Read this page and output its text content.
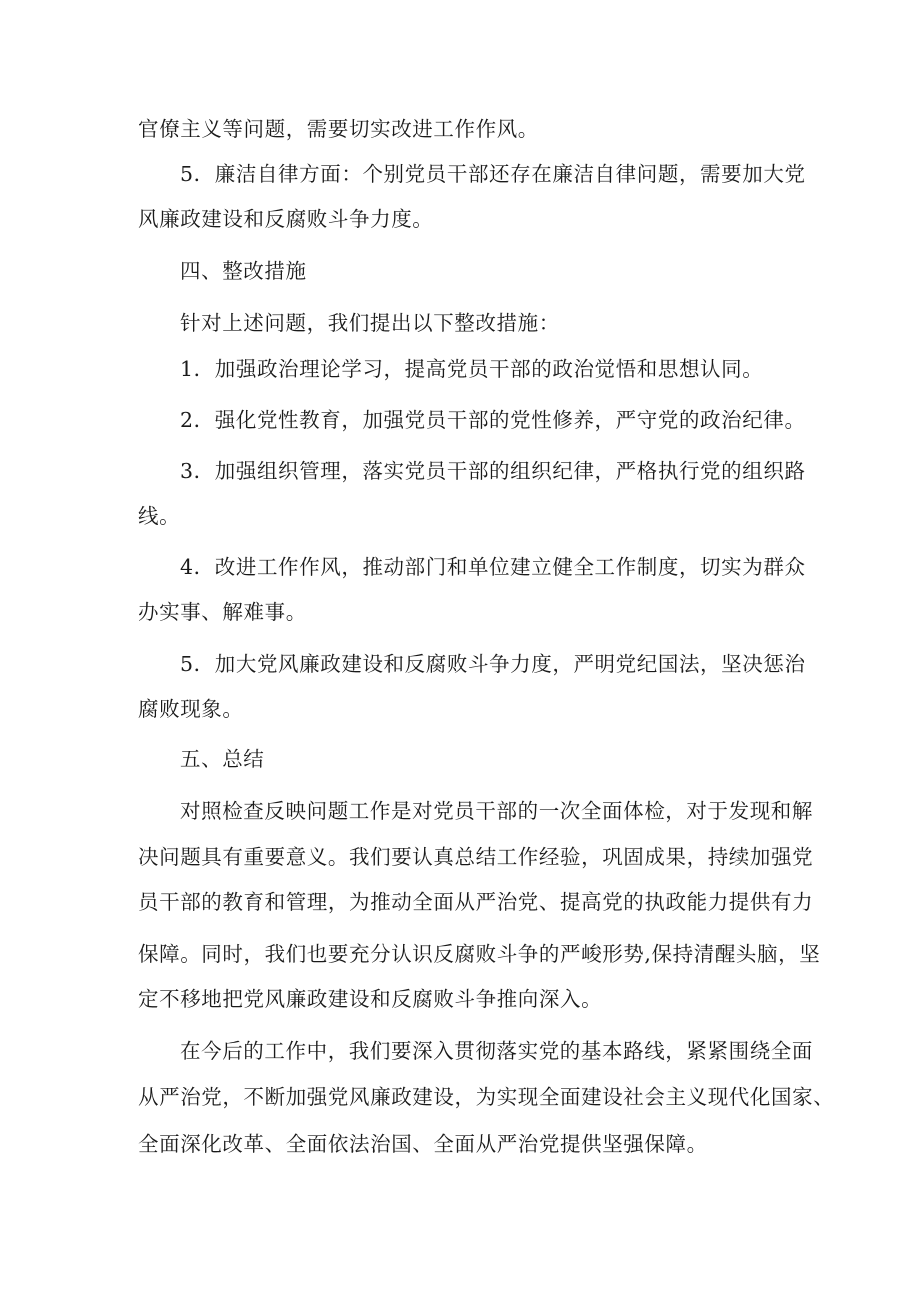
官僚主义等问题，需要切实改进工作作风。
5．廉洁自律方面：个别党员干部还存在廉洁自律问题，需要加大党
风廉政建设和反腐败斗争力度。
四、整改措施
针对上述问题，我们提出以下整改措施：
1．加强政治理论学习，提高党员干部的政治觉悟和思想认同。
2．强化党性教育，加强党员干部的党性修养，严守党的政治纪律。
3．加强组织管理，落实党员干部的组织纪律，严格执行党的组织路
线。
4．改进工作作风，推动部门和单位建立健全工作制度，切实为群众
办实事、解难事。
5．加大党风廉政建设和反腐败斗争力度，严明党纪国法，坚决惩治
腐败现象。
五、总结
对照检查反映问题工作是对党员干部的一次全面体检，对于发现和解
决问题具有重要意义。我们要认真总结工作经验，巩固成果，持续加强党
员干部的教育和管理，为推动全面从严治党、提高党的执政能力提供有力
保障。同时，我们也要充分认识反腐败斗争的严峻形势,保持清醒头脑，坚
定不移地把党风廉政建设和反腐败斗争推向深入。
在今后的工作中，我们要深入贯彻落实党的基本路线，紧紧围绕全面
从严治党，不断加强党风廉政建设，为实现全面建设社会主义现代化国家、
全面深化改革、全面依法治国、全面从严治党提供坚强保障。
